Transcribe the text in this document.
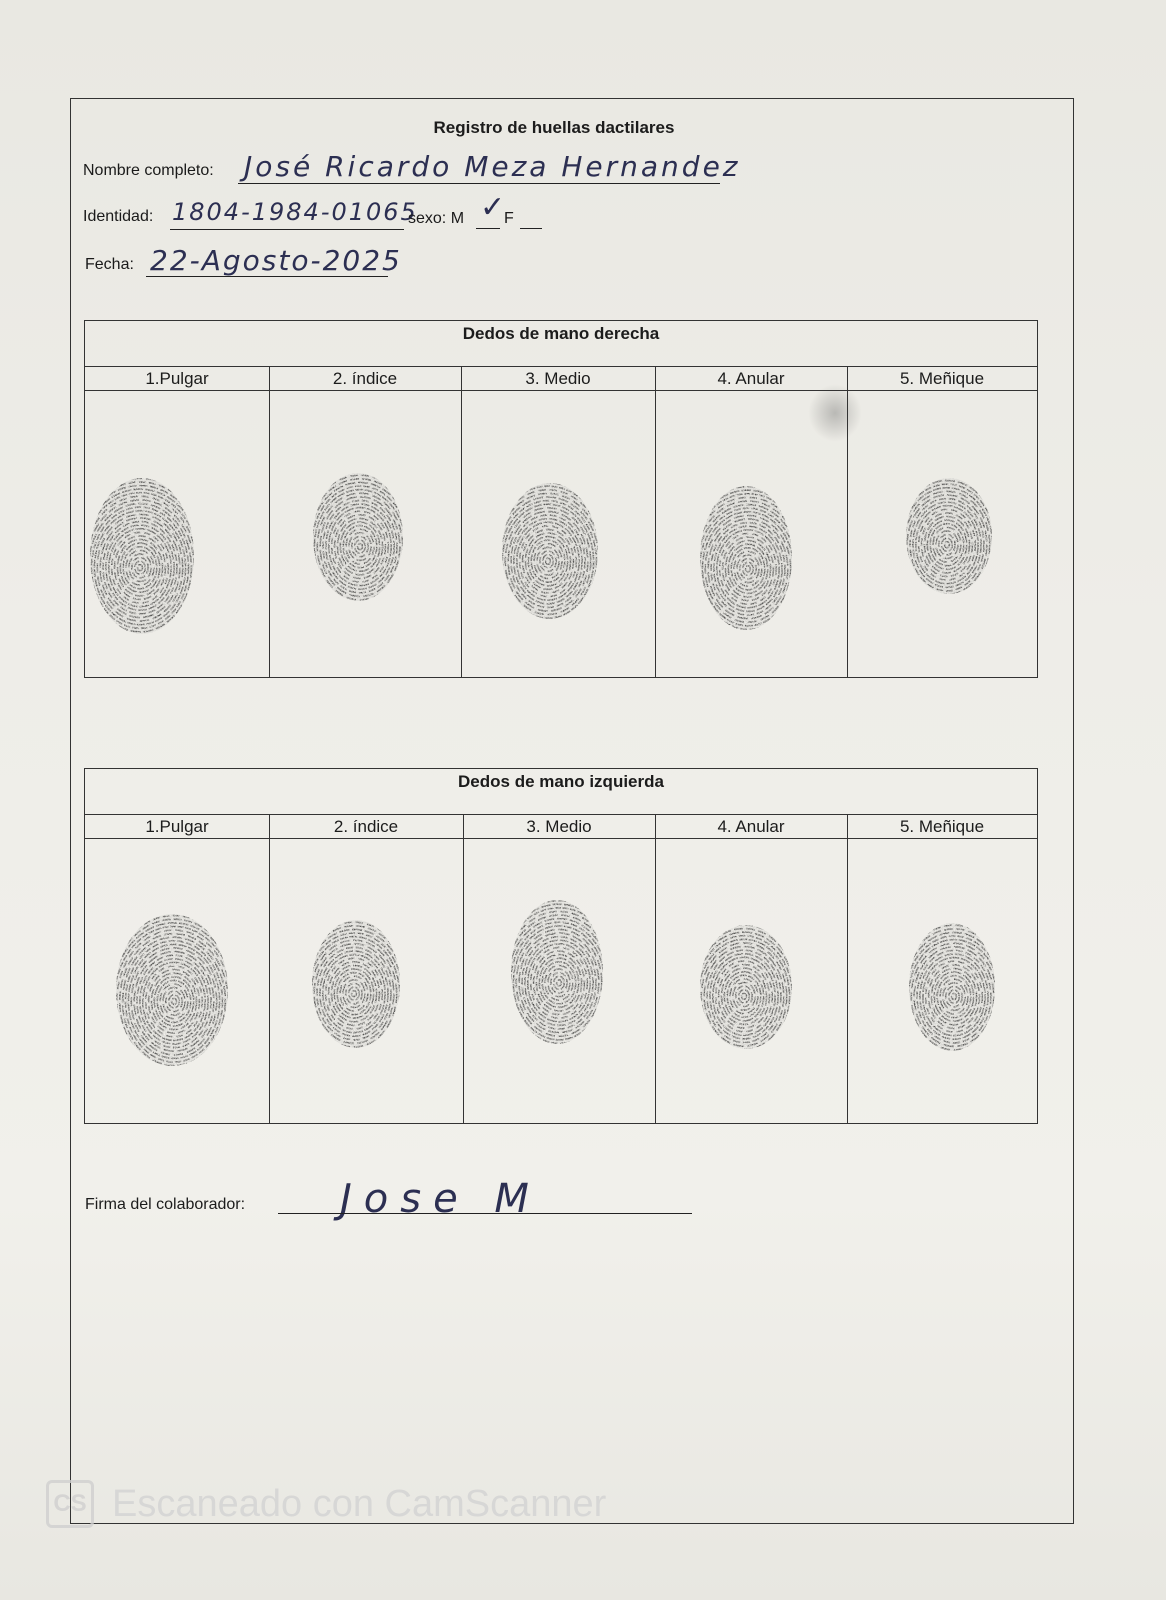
Registro de huellas dactilares
Nombre completo: José Ricardo Meza Hernandez
Identidad: 1804-1984-01065
sexo: M ✓
F
Fecha: 22-Agosto-2025
Dedos de mano derecha
1.Pulgar	2. índice	3. Medio	4. Anular	5. Meñique
Dedos de mano izquierda
1.Pulgar	2. índice	3. Medio	4. Anular	5. Meñique
Firma del colaborador: Jose M
CS Escaneado con CamScanner
